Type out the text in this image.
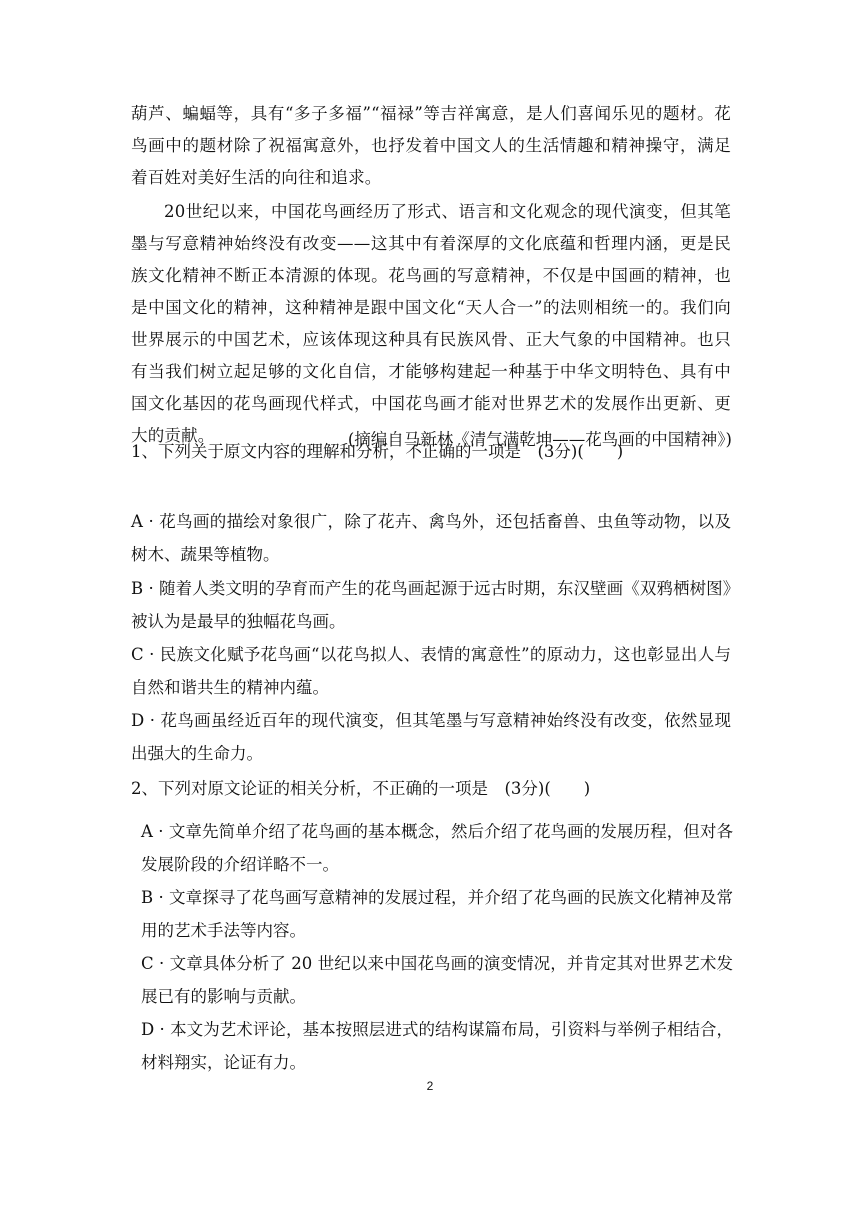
葫芦、蝙蝠等，具有“多子多福”“福禄”等吉祥寓意，是人们喜闻乐见的题材。花鸟画中的题材除了祝福寓意外，也抒发着中国文人的生活情趣和精神操守，满足着百姓对美好生活的向往和追求。

20世纪以来，中国花鸟画经历了形式、语言和文化观念的现代演变，但其笔墨与写意精神始终没有改变——这其中有着深厚的文化底蕴和哲理内涵，更是民族文化精神不断正本清源的体现。花鸟画的写意精神，不仅是中国画的精神，也是中国文化的精神，这种精神是跟中国文化“天人合一”的法则相统一的。我们向世界展示的中国艺术，应该体现这种具有民族风骨、正大气象的中国精神。也只有当我们树立起足够的文化自信，才能够构建起一种基于中华文明特色、具有中国文化基因的花鸟画现代样式，中国花鸟画才能对世界艺术的发展作出更新、更大的贡献。	(摘编自马新林《清气满乾坤——花鸟画的中国精神》)

1、下列关于原文内容的理解和分析，不正确的一项是　(3分)(　　)

A · 花鸟画的描绘对象很广，除了花卉、禽鸟外，还包括畜兽、虫鱼等动物，以及树木、蔬果等植物。

B · 随着人类文明的孕育而产生的花鸟画起源于远古时期，东汉壁画《双鸦栖树图》被认为是最早的独幅花鸟画。

C · 民族文化赋予花鸟画“以花鸟拟人、表情的寓意性”的原动力，这也彰显出人与自然和谐共生的精神内蕴。

D · 花鸟画虽经近百年的现代演变，但其笔墨与写意精神始终没有改变，依然显现出强大的生命力。

2、下列对原文论证的相关分析，不正确的一项是　(3分)(　　)

A · 文章先简单介绍了花鸟画的基本概念，然后介绍了花鸟画的发展历程，但对各发展阶段的介绍详略不一。

B · 文章探寻了花鸟画写意精神的发展过程，并介绍了花鸟画的民族文化精神及常用的艺术手法等内容。

C · 文章具体分析了 20 世纪以来中国花鸟画的演变情况，并肯定其对世界艺术发展已有的影响与贡献。

D · 本文为艺术评论，基本按照层进式的结构谋篇布局，引资料与举例子相结合，材料翔实，论证有力。

2
